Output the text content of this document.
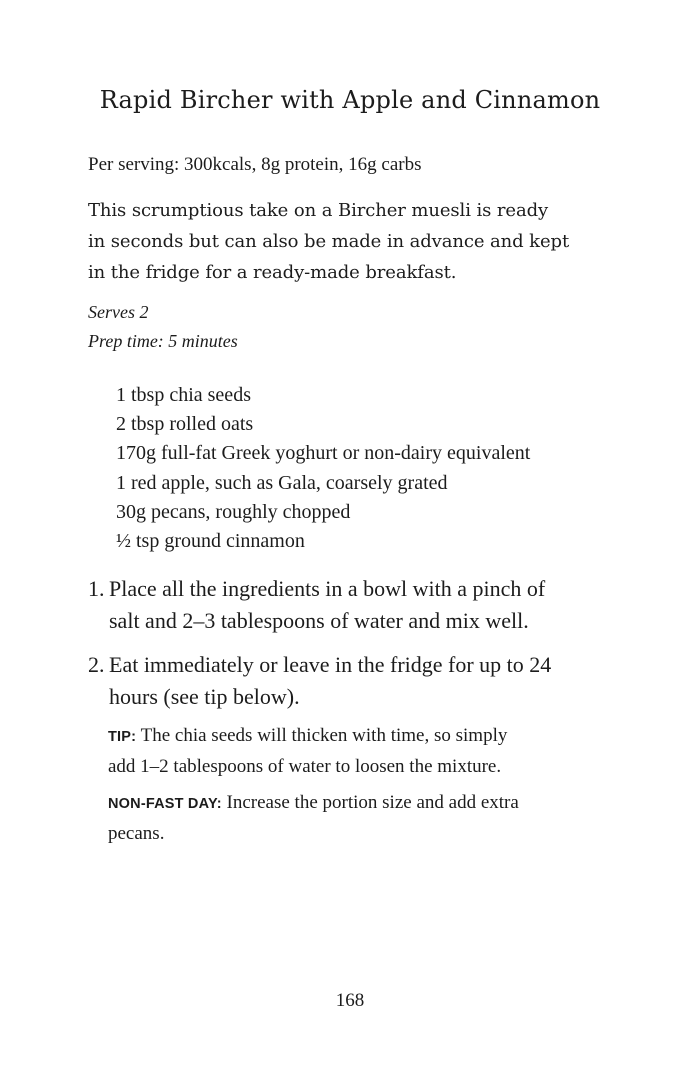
Rapid Bircher with Apple and Cinnamon
Per serving: 300kcals, 8g protein, 16g carbs

This scrumptious take on a Bircher muesli is ready
in seconds but can also be made in advance and kept
in the fridge for a ready-made breakfast.

Serves 2
Prep time: 5 minutes
1 tbsp chia seeds
2 tbsp rolled oats
170g full-fat Greek yoghurt or non-dairy equivalent
1 red apple, such as Gala, coarsely grated
30g pecans, roughly chopped
½ tsp ground cinnamon
1. Place all the ingredients in a bowl with a pinch of
salt and 2–3 tablespoons of water and mix well.
2. Eat immediately or leave in the fridge for up to 24
hours (see tip below).
TIP: The chia seeds will thicken with time, so simply
add 1–2 tablespoons of water to loosen the mixture.
NON-FAST DAY: Increase the portion size and add extra
pecans.
168
